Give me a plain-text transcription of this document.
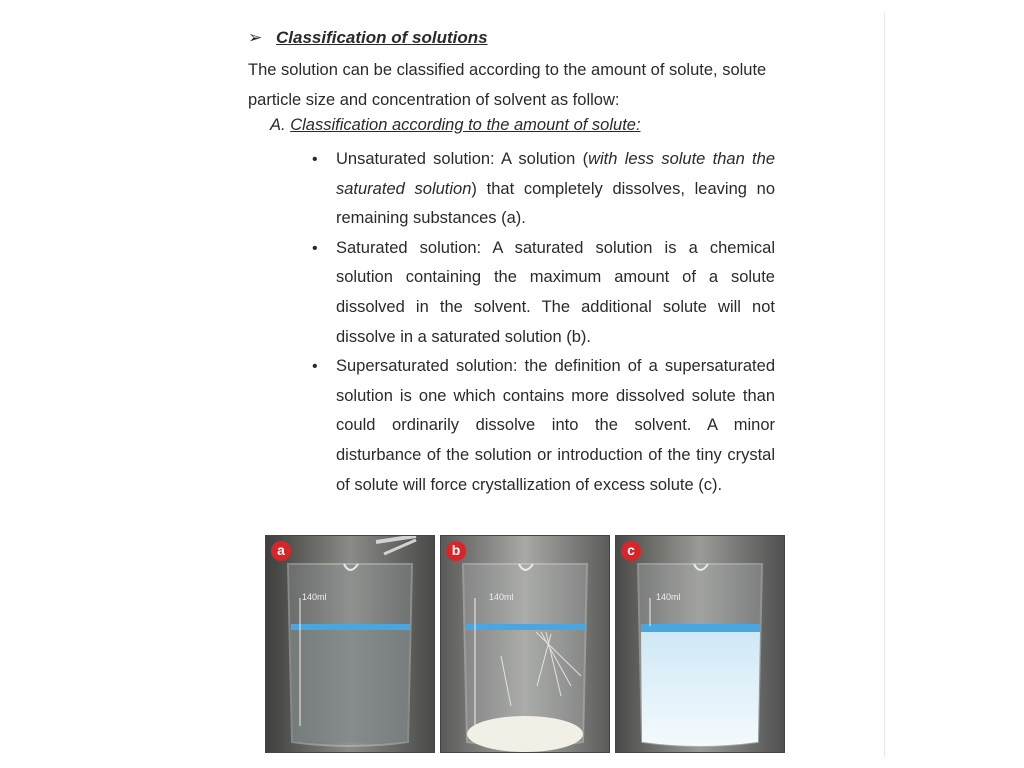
➢ Classification of solutions
The solution can be classified according to the amount of solute, solute particle size and concentration of solvent as follow:
A. Classification according to the amount of solute:
• Unsaturated solution: A solution (with less solute than the saturated solution) that completely dissolves, leaving no remaining substances (a).
• Saturated solution: A saturated solution is a chemical solution containing the maximum amount of a solute dissolved in the solvent. The additional solute will not dissolve in a saturated solution (b).
• Supersaturated solution: the definition of a supersaturated solution is one which contains more dissolved solute than could ordinarily dissolve into the solvent. A minor disturbance of the solution or introduction of the tiny crystal of solute will force crystallization of excess solute (c).
a
140ml
b
140ml
c
140ml
